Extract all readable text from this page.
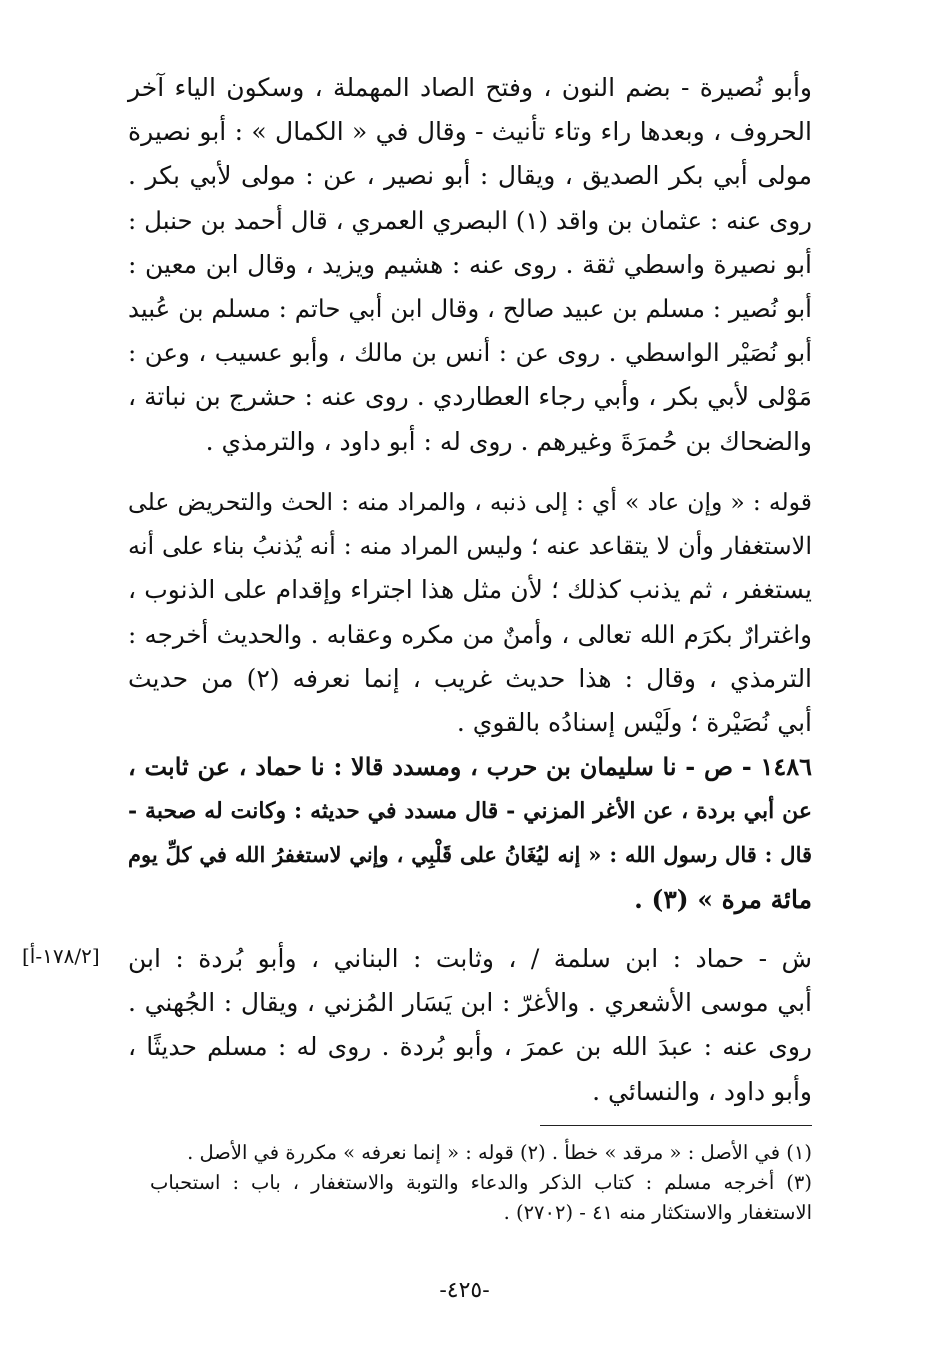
وأبو نُصيرة - بضم النون ، وفتح الصاد المهملة ، وسكون الياء آخر
الحروف ، وبعدها راء وتاء تأنيث - وقال في « الكمال » : أبو نصيرة
مولى أبي بكر الصديق ، ويقال : أبو نصير ، عن : مولى لأبي بكر .
روى عنه : عثمان بن واقد (١) البصري العمري ، قال أحمد بن حنبل :
أبو نصيرة واسطي ثقة . روى عنه : هشيم ويزيد ، وقال ابن معين :
أبو نُصير : مسلم بن عبيد صالح ، وقال ابن أبي حاتم : مسلم بن عُبيد
أبو نُصَيْر الواسطي . روى عن : أنس بن مالك ، وأبو عسيب ، وعن :
مَوْلى لأبي بكر ، وأبي رجاء العطاردي . روى عنه : حشرج بن نباتة ،
والضحاك بن حُمرَةَ وغيرهم . روى له : أبو داود ، والترمذي .
قوله : « وإن عاد » أي : إلى ذنبه ، والمراد منه : الحث والتحريض على
الاستغفار وأن لا يتقاعد عنه ؛ وليس المراد منه : أنه يُذنبُ بناء على أنه
يستغفر ، ثم يذنب كذلك ؛ لأن مثل هذا اجتراء وإقدام على الذنوب ،
واغترارٌ بكرَم الله تعالى ، وأمنٌ من مكره وعقابه . والحديث أخرجه :
الترمذي ، وقال : هذا حديث غريب ، إنما نعرفه (٢) من حديث
أبي نُصَيْرة ؛ ولَيْس إسنادُه بالقوي .
١٤٨٦ - ص - نا سليمان بن حرب ، ومسدد قالا : نا حماد ، عن ثابت ،
عن أبي بردة ، عن الأغر المزني - قال مسدد في حديثه : وكانت له صحبة -
قال : قال رسول الله : « إنه ليُغَانُ على قَلْبِي ، وإني لاستغفرُ الله في كلِّ يوم
مائة مرة » (٣) .
[١٧٨/٢-أ] ش - حماد : ابن سلمة / ، وثابت : البناني ، وأبو بُردة : ابن
أبي موسى الأشعري . والأغرّ : ابن يَسَار المُزني ، ويقال : الجُهني .
روى عنه : عبدَ الله بن عمرَ ، وأبو بُردة . روى له : مسلم حديثًا ،
وأبو داود ، والنسائي .
(١) في الأصل : « مرقد » خطأ . (٢) قوله : « إنما نعرفه » مكررة في الأصل .
(٣) أخرجه مسلم : كتاب الذكر والدعاء والتوبة والاستغفار ، باب : استحباب
الاستغفار والاستكثار منه ٤١ - (٢٧٠٢) .
-٤٢٥-
